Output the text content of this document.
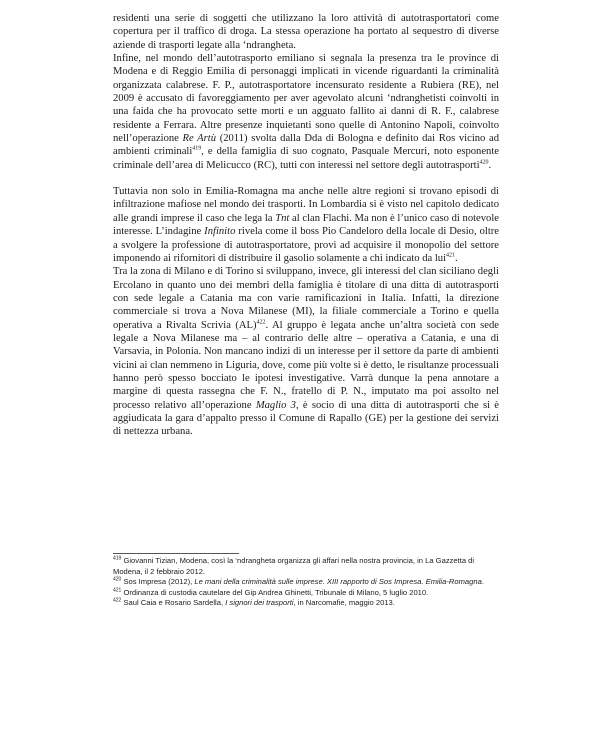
residenti una serie di soggetti che utilizzano la loro attività di autotrasportatori come copertura per il traffico di droga. La stessa operazione ha portato al sequestro di diverse aziende di trasporti legate alla ‘ndrangheta.

Infine, nel mondo dell’autotrasporto emiliano si segnala la presenza tra le province di Modena e di Reggio Emilia di personaggi implicati in vicende riguardanti la criminalità organizzata calabrese. F. P., autotrasportatore incensurato residente a Rubiera (RE), nel 2009 è accusato di favoreggiamento per aver agevolato alcuni ‘ndranghetisti coinvolti in una faida che ha provocato sette morti e un agguato fallito ai danni di R. F., calabrese residente a Ferrara. Altre presenze inquietanti sono quelle di Antonino Napoli, coinvolto nell’operazione Re Artù (2011) svolta dalla Dda di Bologna e definito dai Ros vicino ad ambienti criminali$^{419}$, e della famiglia di suo cognato, Pasquale Mercuri, noto esponente criminale dell’area di Melicucco (RC), tutti con interessi nel settore degli autotrasporti$^{420}$.

Tuttavia non solo in Emilia-Romagna ma anche nelle altre regioni si trovano episodi di infiltrazione mafiose nel mondo dei trasporti. In Lombardia si è visto nel capitolo dedicato alle grandi imprese il caso che lega la Tnt al clan Flachi. Ma non è l’unico caso di notevole interesse. L’indagine Infinito rivela come il boss Pio Candeloro della locale di Desio, oltre a svolgere la professione di autotrasportatore, provi ad acquisire il monopolio del settore imponendo ai rifornitori di distribuire il gasolio solamente a chi indicato da lui$^{421}$.

Tra la zona di Milano e di Torino si sviluppano, invece, gli interessi del clan siciliano degli Ercolano in quanto uno dei membri della famiglia è titolare di una ditta di autotrasporti con sede legale a Catania ma con varie ramificazioni in Italia. Infatti, la direzione commerciale si trova a Nova Milanese (MI), la filiale commerciale a Torino e quella operativa a Rivalta Scrivia (AL)$^{422}$. Al gruppo è legata anche un’altra società con sede legale a Nova Milanese ma – al contrario delle altre – operativa a Catania, e una di Varsavia, in Polonia. Non mancano indizi di un interesse per il settore da parte di ambienti vicini ai clan nemmeno in Liguria, dove, come più volte si è detto, le risultanze processuali hanno però spesso bocciato le ipotesi investigative. Varrà dunque la pena annotare a margine di questa rassegna che F. N., fratello di P. N., imputato ma poi assolto nel processo relativo all’operazione Maglio 3, è socio di una ditta di autotrasporti che si è aggiudicata la gara d’appalto presso il Comune di Rapallo (GE) per la gestione dei servizi di nettezza urbana.

$^{419}$ Giovanni Tizian, Modena, così la ‘ndrangheta organizza gli affari nella nostra provincia, in La Gazzetta di Modena, il 2 febbraio 2012.

$^{420}$ Sos Impresa (2012), Le mani della criminalità sulle imprese. XIII rapporto di Sos Impresa. Emilia-Romagna.

$^{421}$ Ordinanza di custodia cautelare del Gip Andrea Ghinetti, Tribunale di Milano, 5 luglio 2010.

$^{422}$ Saul Caia e Rosario Sardella, I signori dei trasporti, in Narcomafie, maggio 2013.
